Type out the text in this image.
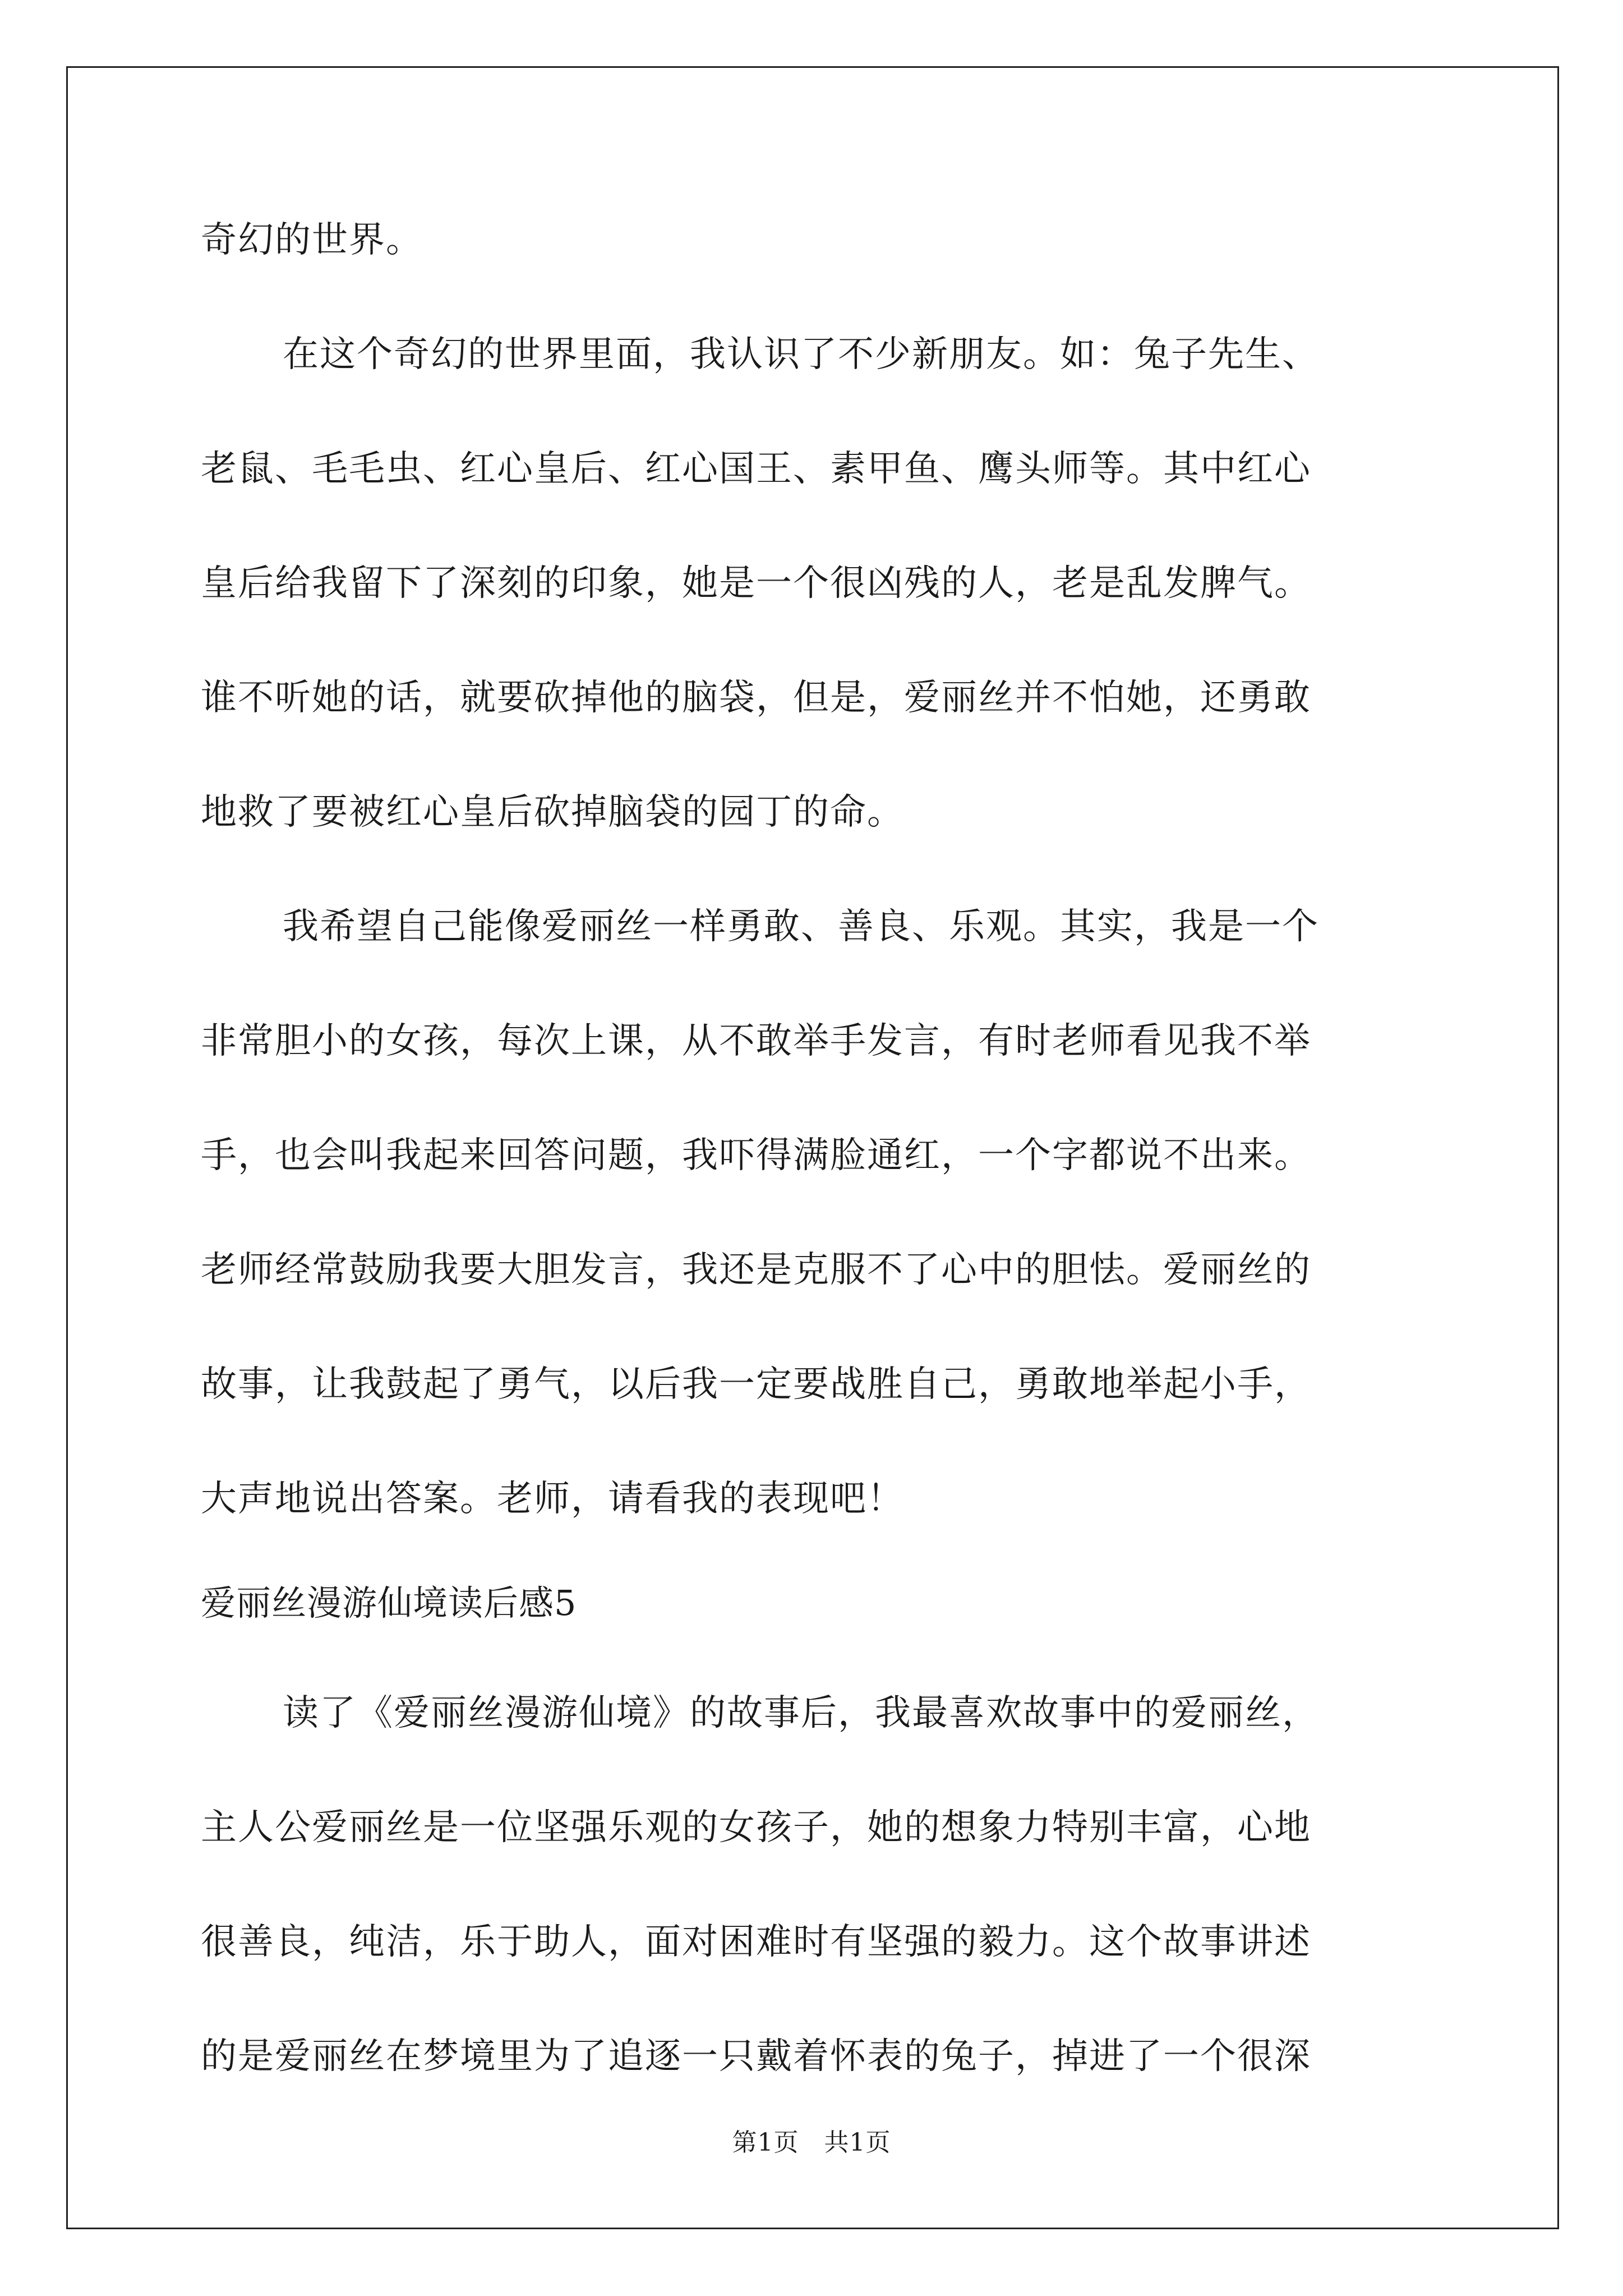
奇幻的世界。
在这个奇幻的世界里面，我认识了不少新朋友。如：兔子先生、
老鼠、毛毛虫、红心皇后、红心国王、素甲鱼、鹰头师等。其中红心
皇后给我留下了深刻的印象，她是一个很凶残的人，老是乱发脾气。
谁不听她的话，就要砍掉他的脑袋，但是，爱丽丝并不怕她，还勇敢
地救了要被红心皇后砍掉脑袋的园丁的命。
我希望自己能像爱丽丝一样勇敢、善良、乐观。其实，我是一个
非常胆小的女孩，每次上课，从不敢举手发言，有时老师看见我不举
手，也会叫我起来回答问题，我吓得满脸通红，一个字都说不出来。
老师经常鼓励我要大胆发言，我还是克服不了心中的胆怯。爱丽丝的
故事，让我鼓起了勇气，以后我一定要战胜自己，勇敢地举起小手，
大声地说出答案。老师，请看我的表现吧！
爱丽丝漫游仙境读后感5
读了《爱丽丝漫游仙境》的故事后，我最喜欢故事中的爱丽丝，
主人公爱丽丝是一位坚强乐观的女孩子，她的想象力特别丰富，心地
很善良，纯洁，乐于助人，面对困难时有坚强的毅力。这个故事讲述
的是爱丽丝在梦境里为了追逐一只戴着怀表的兔子，掉进了一个很深
第1页　共1页
